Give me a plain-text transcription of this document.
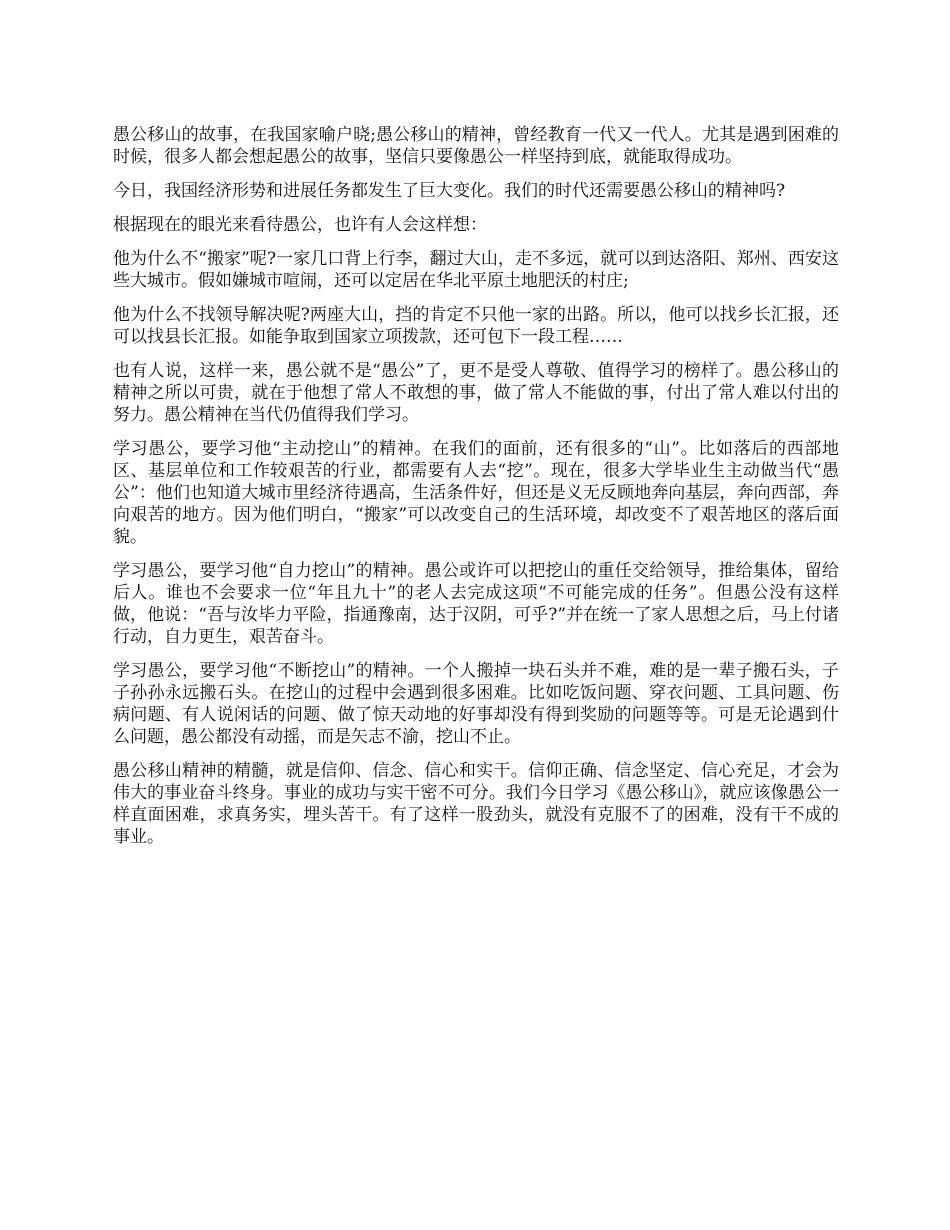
愚公移山的故事，在我国家喻户晓;愚公移山的精神，曾经教育一代又一代人。尤其是遇到困难的时候，很多人都会想起愚公的故事，坚信只要像愚公一样坚持到底，就能取得成功。

今日，我国经济形势和进展任务都发生了巨大变化。我们的时代还需要愚公移山的精神吗?

根据现在的眼光来看待愚公，也许有人会这样想：

他为什么不“搬家”呢?一家几口背上行李，翻过大山，走不多远，就可以到达洛阳、郑州、西安这些大城市。假如嫌城市喧闹，还可以定居在华北平原土地肥沃的村庄;

他为什么不找领导解决呢?两座大山，挡的肯定不只他一家的出路。所以，他可以找乡长汇报，还可以找县长汇报。如能争取到国家立项拨款，还可包下一段工程……

也有人说，这样一来，愚公就不是“愚公”了，更不是受人尊敬、值得学习的榜样了。愚公移山的精神之所以可贵，就在于他想了常人不敢想的事，做了常人不能做的事，付出了常人难以付出的努力。愚公精神在当代仍值得我们学习。

学习愚公，要学习他“主动挖山”的精神。在我们的面前，还有很多的“山”。比如落后的西部地区、基层单位和工作较艰苦的行业，都需要有人去“挖”。现在，很多大学毕业生主动做当代“愚公”：他们也知道大城市里经济待遇高，生活条件好，但还是义无反顾地奔向基层，奔向西部，奔向艰苦的地方。因为他们明白，“搬家”可以改变自己的生活环境，却改变不了艰苦地区的落后面貌。

学习愚公，要学习他“自力挖山”的精神。愚公或许可以把挖山的重任交给领导，推给集体，留给后人。谁也不会要求一位“年且九十”的老人去完成这项“不可能完成的任务”。但愚公没有这样做，他说：“吾与汝毕力平险，指通豫南，达于汉阴，可乎?”并在统一了家人思想之后，马上付诸行动，自力更生，艰苦奋斗。

学习愚公，要学习他“不断挖山”的精神。一个人搬掉一块石头并不难，难的是一辈子搬石头，子子孙孙永远搬石头。在挖山的过程中会遇到很多困难。比如吃饭问题、穿衣问题、工具问题、伤病问题、有人说闲话的问题、做了惊天动地的好事却没有得到奖励的问题等等。可是无论遇到什么问题，愚公都没有动摇，而是矢志不渝，挖山不止。

愚公移山精神的精髓，就是信仰、信念、信心和实干。信仰正确、信念坚定、信心充足，才会为伟大的事业奋斗终身。事业的成功与实干密不可分。我们今日学习《愚公移山》，就应该像愚公一样直面困难，求真务实，埋头苦干。有了这样一股劲头，就没有克服不了的困难，没有干不成的事业。
